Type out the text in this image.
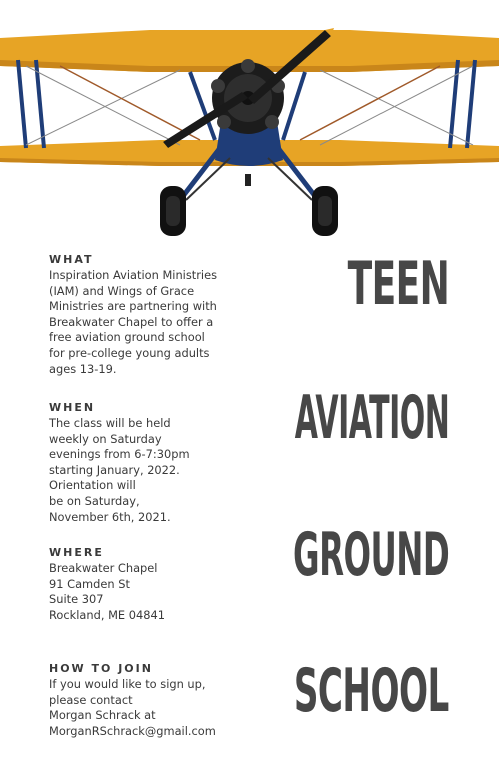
WHAT

Inspiration Aviation Ministries
(IAM) and Wings of Grace
Ministries are partnering with
Breakwater Chapel to offer a
free aviation ground school
for pre-college young adults
ages 13-19.

WHEN

The class will be held
weekly on Saturday
evenings from 6-7:30pm
starting January, 2022.
Orientation will
be on Saturday,
November 6th, 2021.

WHERE

Breakwater Chapel
91 Camden St
Suite 307
Rockland, ME 04841

HOW TO JOIN

If you would like to sign up,
please contact
Morgan Schrack at
MorganRSchrack@gmail.com

TEEN
AVIATION
GROUND
SCHOOL
